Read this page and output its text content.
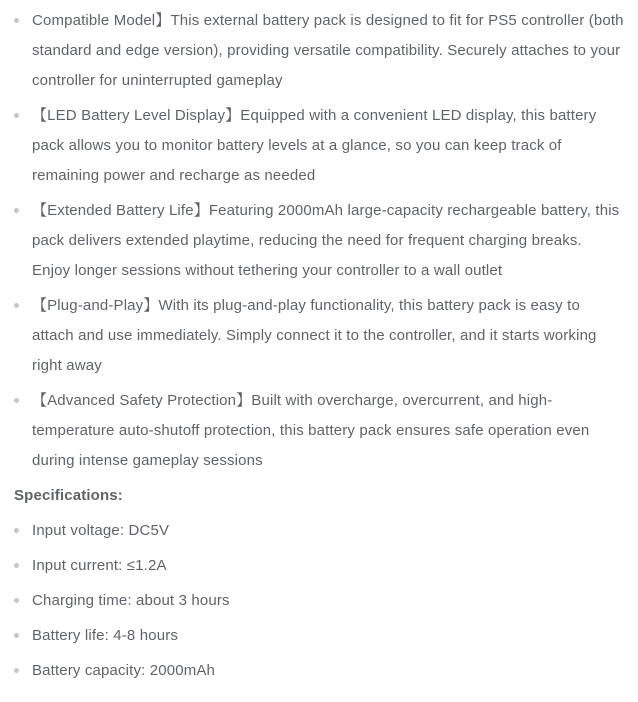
Compatible Model】This external battery pack is designed to fit for PS5 controller (both standard and edge version), providing versatile compatibility. Securely attaches to your controller for uninterrupted gameplay
【LED Battery Level Display】Equipped with a convenient LED display, this battery pack allows you to monitor battery levels at a glance, so you can keep track of remaining power and recharge as needed
【Extended Battery Life】Featuring 2000mAh large-capacity rechargeable battery, this pack delivers extended playtime, reducing the need for frequent charging breaks. Enjoy longer sessions without tethering your controller to a wall outlet
【Plug-and-Play】With its plug-and-play functionality, this battery pack is easy to attach and use immediately. Simply connect it to the controller, and it starts working right away
【Advanced Safety Protection】Built with overcharge, overcurrent, and high-temperature auto-shutoff protection, this battery pack ensures safe operation even during intense gameplay sessions
Specifications:
Input voltage: DC5V
Input current: ≤1.2A
Charging time: about 3 hours
Battery life: 4-8 hours
Battery capacity: 2000mAh
